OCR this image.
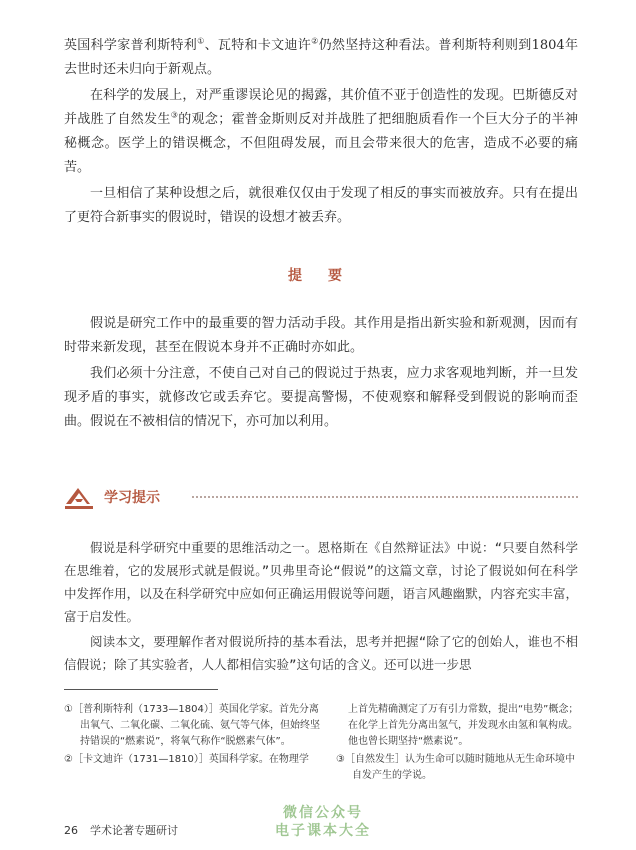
英国科学家普利斯特利①、瓦特和卡文迪许②仍然坚持这种看法。普利斯特利则到1804年去世时还未归向于新观点。

在科学的发展上，对严重谬误论见的揭露，其价值不亚于创造性的发现。巴斯德反对并战胜了自然发生③的观念；霍普金斯则反对并战胜了把细胞质看作一个巨大分子的半神秘概念。医学上的错误概念，不但阻碍发展，而且会带来很大的危害，造成不必要的痛苦。

一旦相信了某种设想之后，就很难仅仅由于发现了相反的事实而被放弃。只有在提出了更符合新事实的假说时，错误的设想才被丢弃。

提　要

假说是研究工作中的最重要的智力活动手段。其作用是指出新实验和新观测，因而有时带来新发现，甚至在假说本身并不正确时亦如此。

我们必须十分注意，不使自己对自己的假说过于热衷，应力求客观地判断，并一旦发现矛盾的事实，就修改它或丢弃它。要提高警惕，不使观察和解释受到假说的影响而歪曲。假说在不被相信的情况下，亦可加以利用。

学习提示

假说是科学研究中重要的思维活动之一。恩格斯在《自然辩证法》中说：“只要自然科学在思维着，它的发展形式就是假说。”贝弗里奇论“假说”的这篇文章，讨论了假说如何在科学中发挥作用，以及在科学研究中应如何正确运用假说等问题，语言风趣幽默，内容充实丰富，富于启发性。

阅读本文，要理解作者对假说所持的基本看法，思考并把握“除了它的创始人，谁也不相信假说；除了其实验者，人人都相信实验”这句话的含义。还可以进一步思

①［普利斯特利（1733—1804）］英国化学家。首先分离出氧气、二氧化碳、二氧化硫、氨气等气体，但始终坚持错误的“燃素说”，将氧气称作“脱燃素气体”。

②［卡文迪许（1731—1810）］英国科学家。在物理学

上首先精确测定了万有引力常数，提出“电势”概念；在化学上首先分离出氢气，并发现水由氢和氧构成。他也曾长期坚持“燃素说”。

③［自然发生］认为生命可以随时随地从无生命环境中自发产生的学说。

26 学术论著专题研讨
微信公众号
电子课本大全
